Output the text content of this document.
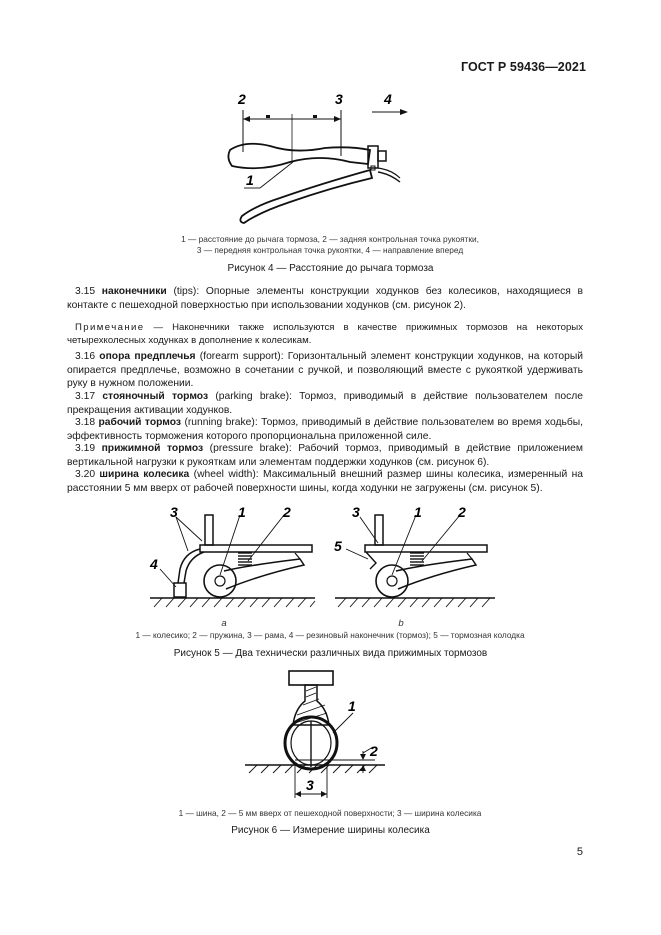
ГОСТ Р 59436—2021
1
2	3	4
1 — расстояние до рычага тормоза, 2 — задняя контрольная точка рукоятки,
3 — передняя контрольная точка рукоятки, 4 — направление вперед
Рисунок 4 — Расстояние до рычага тормоза
3.15 наконечники (tips): Опорные элементы конструкции ходунков без колесиков, находящиеся в контакте с пешеходной поверхностью при использовании ходунков (см. рисунок 2).
Примечание — Наконечники также используются в качестве прижимных тормозов на некоторых четырехколесных ходунках в дополнение к колесикам.
3.16 опора предплечья (forearm support): Горизонтальный элемент конструкции ходунков, на который опирается предплечье, возможно в сочетании с ручкой, и позволяющий вместе с рукояткой удерживать руку в нужном положении.
3.17 стояночный тормоз (parking brake): Тормоз, приводимый в действие пользователем после прекращения активации ходунков.
3.18 рабочий тормоз (running brake): Тормоз, приводимый в действие пользователем во время ходьбы, эффективность торможения которого пропорциональна приложенной силе.
3.19 прижимной тормоз (pressure brake): Рабочий тормоз, приводимый в действие приложением вертикальной нагрузки к рукояткам или элементам поддержки ходунков (см. рисунок 6).
3.20 ширина колесика (wheel width): Максимальный внешний размер шины колесика, измеренный на расстоянии 5 мм вверх от рабочей поверхности шины, когда ходунки не загружены (см. рисунок 5).
3	1	2
4
3	1	2
5
a	b
1 — колесико; 2 — пружина, 3 — рама, 4 — резиновый наконечник (тормоз); 5 — тормозная колодка
Рисунок 5 — Два технически различных вида прижимных тормозов
2
1
3
1 — шина, 2 — 5 мм вверх от пешеходной поверхности; 3 — ширина колесика
Рисунок 6 — Измерение ширины колесика
5
